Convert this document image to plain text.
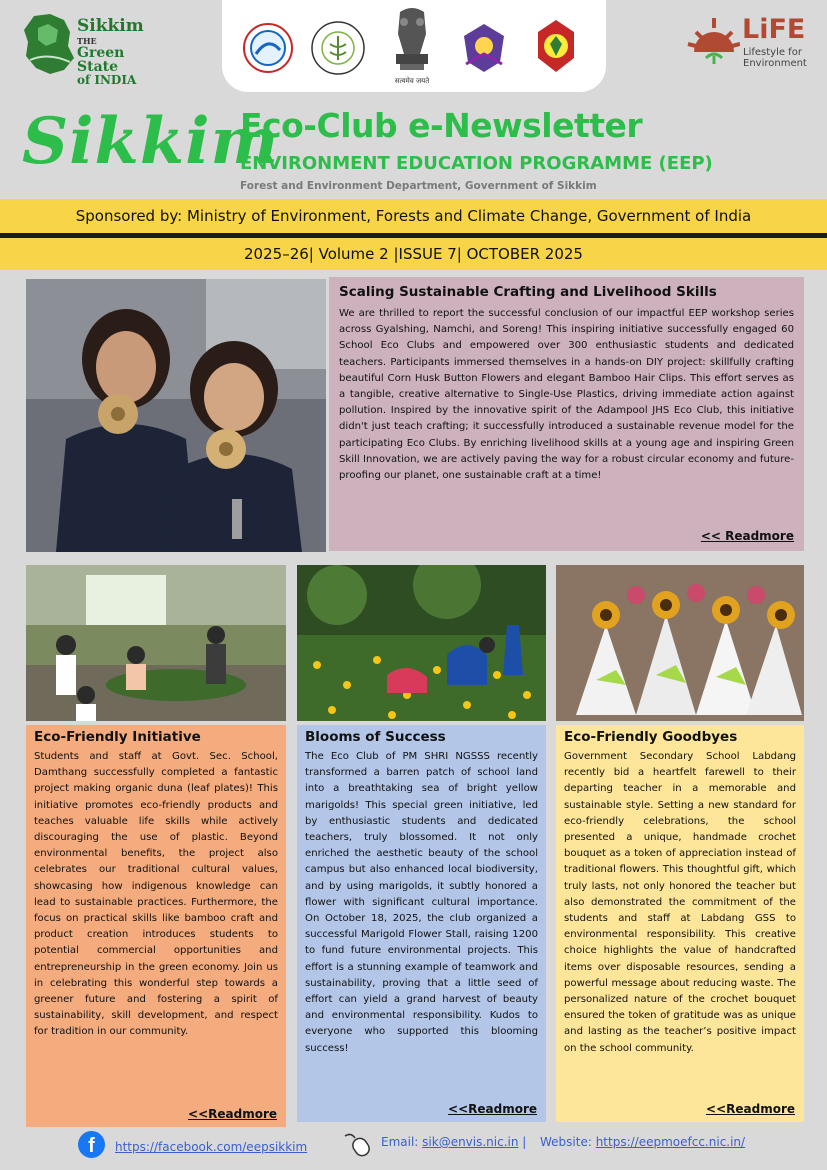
Sikkim
THE
Green State
of INDIA	सत्यमेव जयते
LiFE
Lifestyle for Environment
Sikkim
Eco-Club e-Newsletter
ENVIRONMENT EDUCATION PROGRAMME (EEP)
Forest and Environment Department, Government of Sikkim
Sponsored by: Ministry of Environment, Forests and Climate Change, Government of India
2025–26| Volume 2 |ISSUE 7| OCTOBER 2025
Scaling Sustainable Crafting and Livelihood Skills

We are thrilled to report the successful conclusion of our impactful EEP workshop series across Gyalshing, Namchi, and Soreng! This inspiring initiative successfully engaged 60 School Eco Clubs and empowered over 300 enthusiastic students and dedicated teachers. Participants immersed themselves in a hands-on DIY project: skillfully crafting beautiful Corn Husk Button Flowers and elegant Bamboo Hair Clips. This effort serves as a tangible, creative alternative to Single-Use Plastics, driving immediate action against pollution. Inspired by the innovative spirit of the Adampool JHS Eco Club, this initiative didn't just teach crafting; it successfully introduced a sustainable revenue model for the participating Eco Clubs. By enriching livelihood skills at a young age and inspiring Green Skill Innovation, we are actively paving the way for a robust circular economy and future-proofing our planet, one sustainable craft at a time!

<< Readmore
Eco-Friendly Initiative

Students and staff at Govt. Sec. School, Damthang successfully completed a fantastic project making organic duna (leaf plates)! This initiative promotes eco-friendly products and teaches valuable life skills while actively discouraging the use of plastic. Beyond environmental benefits, the project also celebrates our traditional cultural values, showcasing how indigenous knowledge can lead to sustainable practices. Furthermore, the focus on practical skills like bamboo craft and product creation introduces students to potential commercial opportunities and entrepreneurship in the green economy. Join us in celebrating this wonderful step towards a greener future and fostering a spirit of sustainability, skill development, and respect for tradition in our community.

<<Readmore
Blooms of Success

The Eco Club of PM SHRI NGSSS recently transformed a barren patch of school land into a breathtaking sea of bright yellow marigolds! This special green initiative, led by enthusiastic students and dedicated teachers, truly blossomed. It not only enriched the aesthetic beauty of the school campus but also enhanced local biodiversity, and by using marigolds, it subtly honored a flower with significant cultural importance. On October 18, 2025, the club organized a successful Marigold Flower Stall, raising 1200 to fund future environmental projects. This effort is a stunning example of teamwork and sustainability, proving that a little seed of effort can yield a grand harvest of beauty and environmental responsibility. Kudos to everyone who supported this blooming success!

<<Readmore
Eco-Friendly Goodbyes

Government Secondary School Labdang recently bid a heartfelt farewell to their departing teacher in a memorable and sustainable style. Setting a new standard for eco-friendly celebrations, the school presented a unique, handmade crochet bouquet as a token of appreciation instead of traditional flowers. This thoughtful gift, which truly lasts, not only honored the teacher but also demonstrated the commitment of the students and staff at Labdang GSS to environmental responsibility. This creative choice highlights the value of handcrafted items over disposable resources, sending a powerful message about reducing waste. The personalized nature of the crochet bouquet ensured the token of gratitude was as unique and lasting as the teacher’s positive impact on the school community.

<<Readmore
f	https://facebook.com/eepsikkim	Email: sik@envis.nic.in | Website: https://eepmoefcc.nic.in/
